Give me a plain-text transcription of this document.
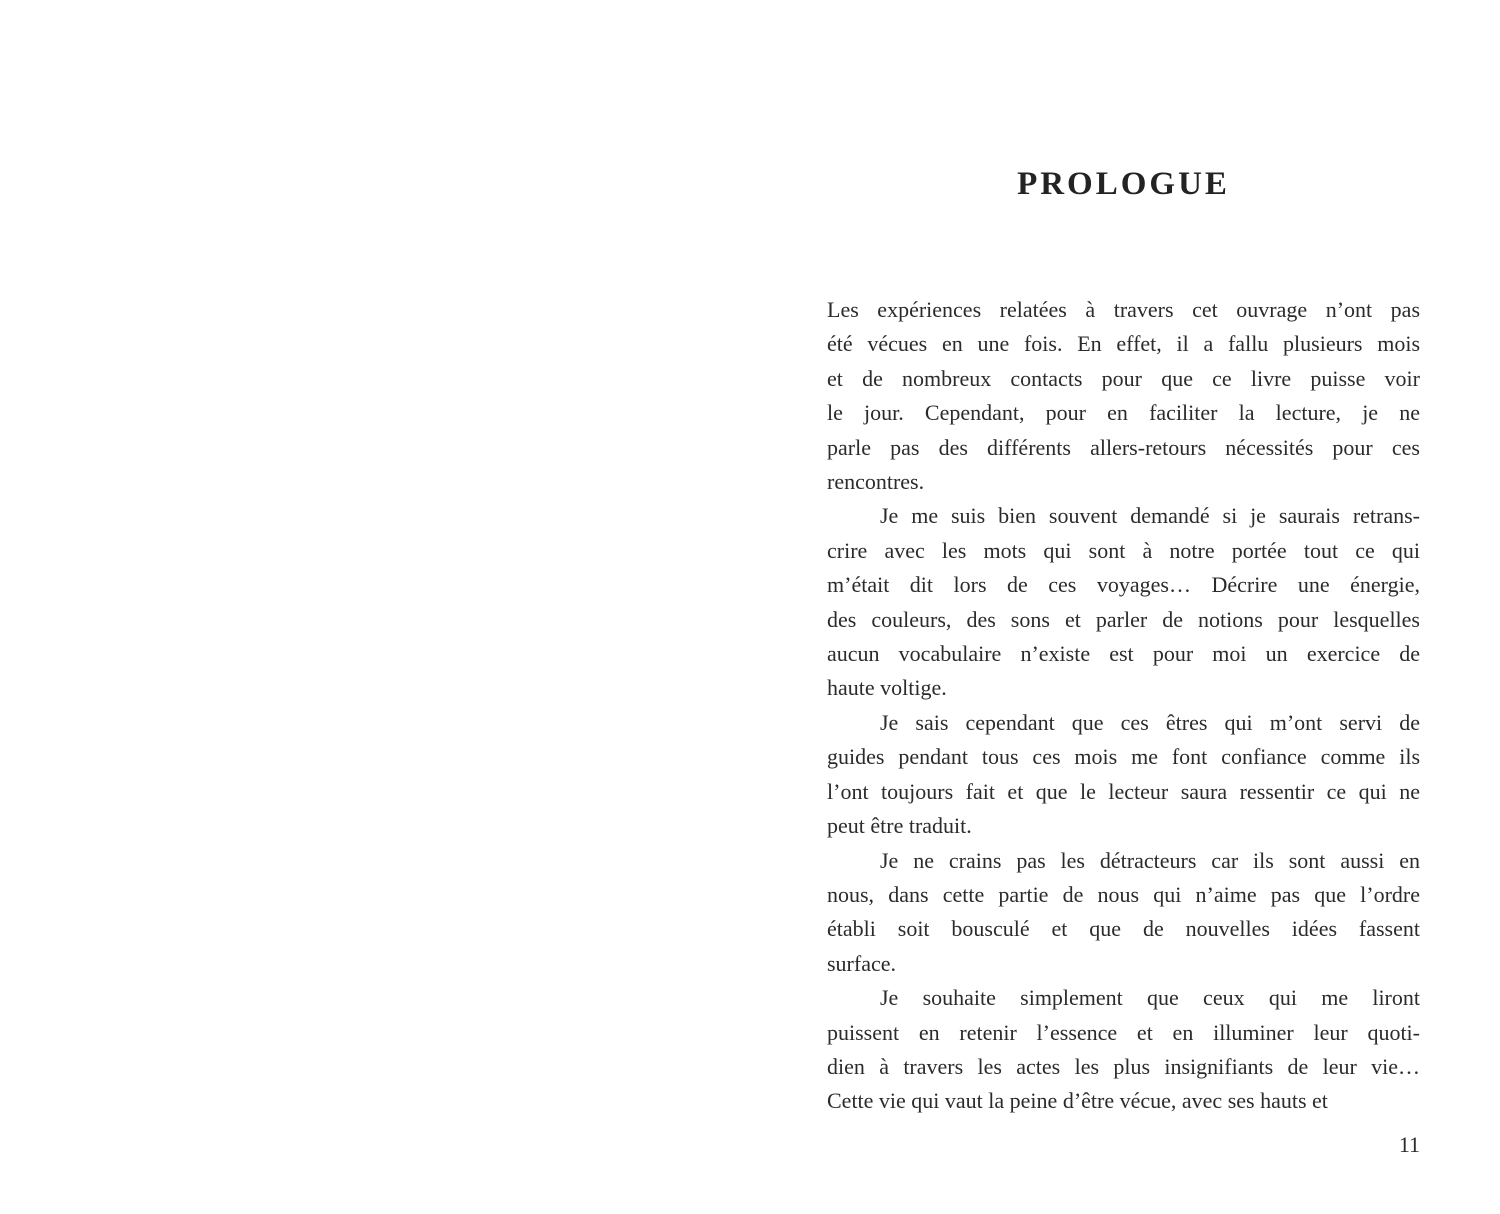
PROLOGUE
Les expériences relatées à travers cet ouvrage n’ont pas
été vécues en une fois. En effet, il a fallu plusieurs mois
et de nombreux contacts pour que ce livre puisse voir
le jour. Cependant, pour en faciliter la lecture, je ne
parle pas des différents allers-retours nécessités pour ces
rencontres.
Je me suis bien souvent demandé si je saurais retrans-
crire avec les mots qui sont à notre portée tout ce qui
m’était dit lors de ces voyages… Décrire une énergie,
des couleurs, des sons et parler de notions pour lesquelles
aucun vocabulaire n’existe est pour moi un exercice de
haute voltige.
Je sais cependant que ces êtres qui m’ont servi de
guides pendant tous ces mois me font confiance comme ils
l’ont toujours fait et que le lecteur saura ressentir ce qui ne
peut être traduit.
Je ne crains pas les détracteurs car ils sont aussi en
nous, dans cette partie de nous qui n’aime pas que l’ordre
établi soit bousculé et que de nouvelles idées fassent
surface.
Je souhaite simplement que ceux qui me liront
puissent en retenir l’essence et en illuminer leur quoti-
dien à travers les actes les plus insignifiants de leur vie…
Cette vie qui vaut la peine d’être vécue, avec ses hauts et
11
